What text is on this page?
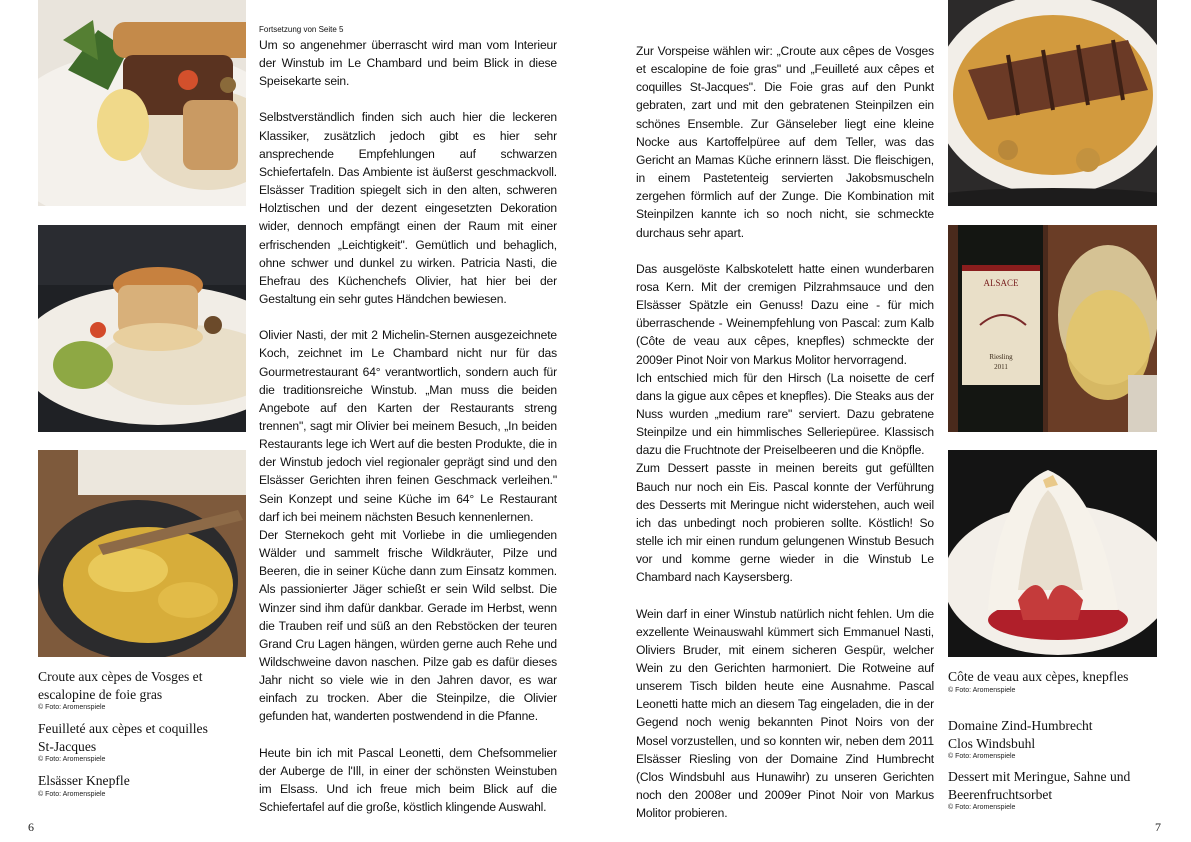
Croute aux cèpes de Vosges et
escalopine de foie gras
© Foto: Aromenspiele
Feuilleté aux cèpes et coquilles
St-Jacques
© Foto: Aromenspiele
Elsässer Knepfle
© Foto: Aromenspiele
Fortsetzung von Seite 5

Um so angenehmer überrascht wird man vom Interieur der Winstub im Le Chambard und beim Blick in diese Speisekarte sein.

Selbstverständlich finden sich auch hier die leckeren Klassiker, zusätzlich jedoch gibt es hier sehr ansprechende Empfehlungen auf schwarzen Schiefertafeln. Das Ambiente ist äußerst geschmackvoll. Elsässer Tradition spiegelt sich in den alten, schweren Holztischen und der dezent eingesetzten Dekoration wider, dennoch empfängt einen der Raum mit einer erfrischenden „Leichtigkeit". Gemütlich und behaglich, ohne schwer und dunkel zu wirken. Patricia Nasti, die Ehefrau des Küchenchefs Olivier, hat hier bei der Gestaltung ein sehr gutes Händchen bewiesen.

Olivier Nasti, der mit 2 Michelin-Sternen ausgezeichnete Koch, zeichnet im Le Chambard nicht nur für das Gourmetrestaurant 64° verantwortlich, sondern auch für die traditionsreiche Winstub. „Man muss die beiden Angebote auf den Karten der Restaurants streng trennen", sagt mir Olivier bei meinem Besuch, „In beiden Restaurants lege ich Wert auf die besten Produkte, die in der Winstub jedoch viel regionaler geprägt sind und den Elsässer Gerichten ihren feinen Geschmack verleihen." Sein Konzept und seine Küche im 64° Le Restaurant darf ich bei meinem nächsten Besuch kennenlernen.

Der Sternekoch geht mit Vorliebe in die umliegenden Wälder und sammelt frische Wildkräuter, Pilze und Beeren, die in seiner Küche dann zum Einsatz kommen. Als passionierter Jäger schießt er sein Wild selbst. Die Winzer sind ihm dafür dankbar. Gerade im Herbst, wenn die Trauben reif und süß an den Rebstöcken der teuren Grand Cru Lagen hängen, würden gerne auch Rehe und Wildschweine davon naschen. Pilze gab es dafür dieses Jahr nicht so viele wie in den Jahren davor, es war einfach zu trocken. Aber die Steinpilze, die Olivier gefunden hat, wanderten postwendend in die Pfanne.

Heute bin ich mit Pascal Leonetti, dem Chefsommelier der Auberge de l'Ill, in einer der schönsten Weinstuben im Elsass. Und ich freue mich beim Blick auf die Schiefertafel auf die große, köstlich klingende Auswahl.

Zur Vorspeise wählen wir: „Croute aux cêpes de Vosges et escalopine de foie gras" und „Feuilleté aux cêpes et coquilles St-Jacques". Die Foie gras auf den Punkt gebraten, zart und mit den gebratenen Steinpilzen ein schönes Ensemble. Zur Gänseleber liegt eine kleine Nocke aus Kartoffelpüree auf dem Teller, was das Gericht an Mamas Küche erinnern lässt. Die fleischigen, in einem Pastetenteig servierten Jakobsmuscheln zergehen förmlich auf der Zunge. Die Kombination mit Steinpilzen kannte ich so noch nicht, sie schmeckte durchaus sehr apart.

Das ausgelöste Kalbskotelett hatte einen wunderbaren rosa Kern. Mit der cremigen Pilzrahmsauce und den Elsässer Spätzle ein Genuss! Dazu eine - für mich überraschende - Weinempfehlung von Pascal: zum Kalb (Côte de veau aux cêpes, knepfles) schmeckte der 2009er Pinot Noir von Markus Molitor hervorragend.

Ich entschied mich für den Hirsch (La noisette de cerf dans la gigue aux cêpes et knepfles). Die Steaks aus der Nuss wurden „medium rare" serviert. Dazu gebratene Steinpilze und ein himmlisches Selleriepüree. Klassisch dazu die Fruchtnote der Preiselbeeren und die Knöpfle.

Zum Dessert passte in meinen bereits gut gefüllten Bauch nur noch ein Eis. Pascal konnte der Verführung des Desserts mit Meringue nicht widerstehen, auch weil ich das unbedingt noch probieren sollte. Köstlich! So stelle ich mir einen rundum gelungenen Winstub Besuch vor und komme gerne wieder in die Winstub Le Chambard nach Kaysersberg.

Wein darf in einer Winstub natürlich nicht fehlen. Um die exzellente Weinauswahl kümmert sich Emmanuel Nasti, Oliviers Bruder, mit einem sicheren Gespür, welcher Wein zu den Gerichten harmoniert. Die Rotweine auf unserem Tisch bilden heute eine Ausnahme. Pascal Leonetti hatte mich an diesem Tag eingeladen, die in der Gegend noch wenig bekannten Pinot Noirs von der Mosel vorzustellen, und so konnten wir, neben dem 2011 Elsässer Riesling von der Domaine Zind Humbrecht (Clos Windsbuhl aus Hunawihr) zu unseren Gerichten noch den 2008er und 2009er Pinot Noir von Markus Molitor probieren.

ALSACE
Riesling
2011
Côte de veau aux cèpes, knepfles
© Foto: Aromenspiele
Domaine Zind-Humbrecht
Clos Windsbuhl
© Foto: Aromenspiele
Dessert mit Meringue, Sahne und
Beerenfruchtsorbet
© Foto: Aromenspiele
6	7
